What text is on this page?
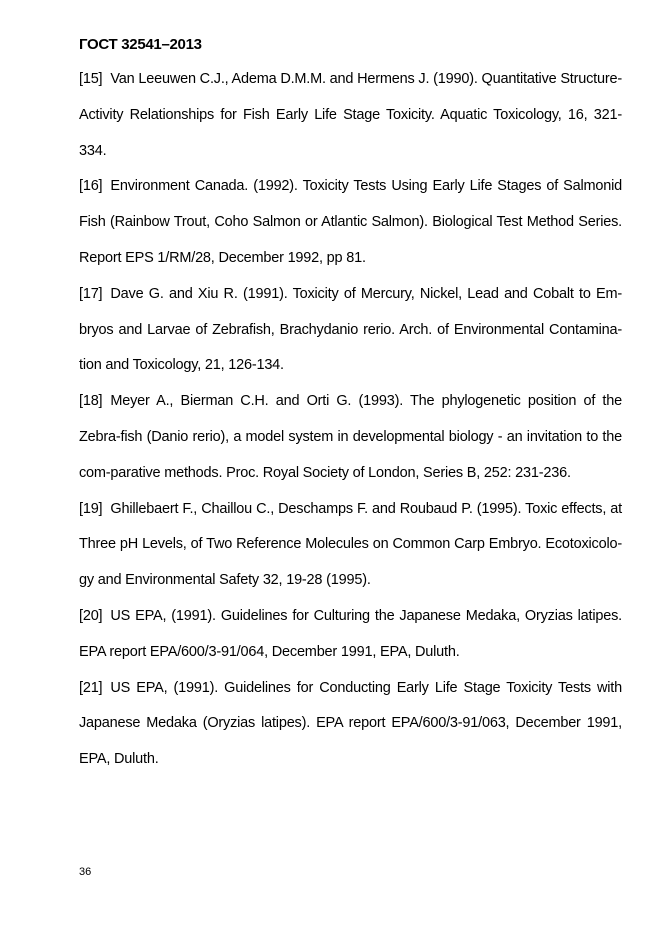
ГОСТ 32541–2013

[15] Van Leeuwen C.J., Adema D.M.M. and Hermens J. (1990). Quantitative Structure-Activity Relationships for Fish Early Life Stage Toxicity. Aquatic Toxicology, 16, 321-334.

[16] Environment Canada. (1992). Toxicity Tests Using Early Life Stages of Salmonid Fish (Rainbow Trout, Coho Salmon or Atlantic Salmon). Biological Test Method Series. Report EPS 1/RM/28, December 1992, pp 81.

[17] Dave G. and Xiu R. (1991). Toxicity of Mercury, Nickel, Lead and Cobalt to Em-bryos and Larvae of Zebrafish, Brachydanio rerio. Arch. of Environmental Contamina-tion and Toxicology, 21, 126-134.

[18] Meyer A., Bierman C.H. and Orti G. (1993). The phylogenetic position of the Zebra-fish (Danio rerio), a model system in developmental biology - an invitation to the com-parative methods. Proc. Royal Society of London, Series B, 252: 231-236.

[19] Ghillebaert F., Chaillou C., Deschamps F. and Roubaud P. (1995). Toxic effects, at Three pH Levels, of Two Reference Molecules on Common Carp Embryo. Ecotoxicolo-gy and Environmental Safety 32, 19-28 (1995).

[20] US EPA, (1991). Guidelines for Culturing the Japanese Medaka, Oryzias latipes. EPA report EPA/600/3-91/064, December 1991, EPA, Duluth.

[21] US EPA, (1991). Guidelines for Conducting Early Life Stage Toxicity Tests with Japanese Medaka (Oryzias latipes). EPA report EPA/600/3-91/063, December 1991, EPA, Duluth.

36
